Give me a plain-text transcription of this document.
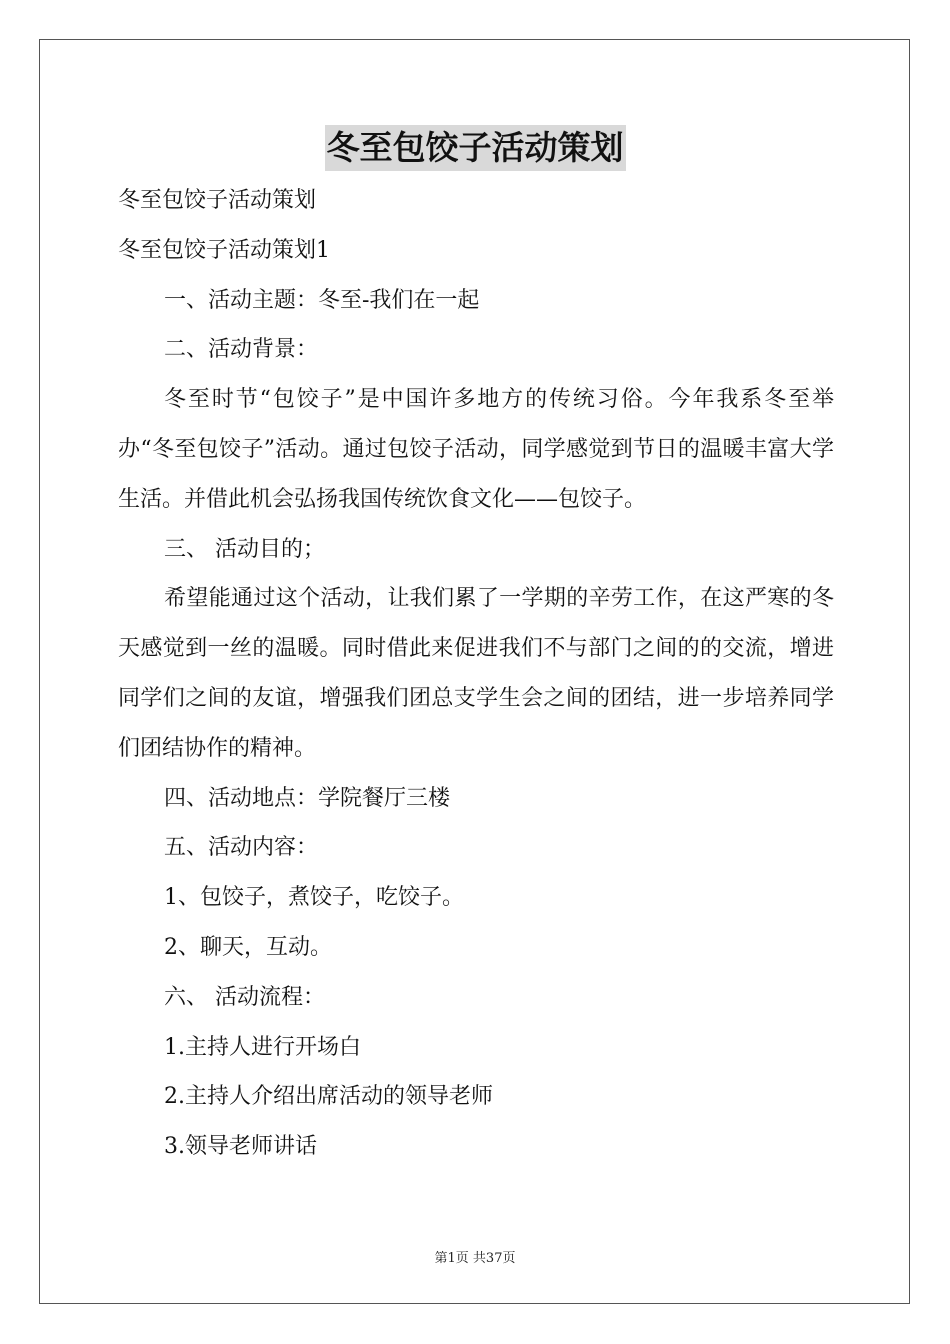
冬至包饺子活动策划

冬至包饺子活动策划

冬至包饺子活动策划1

一、活动主题：冬至-我们在一起

二、活动背景：

冬至时节“包饺子”是中国许多地方的传统习俗。今年我系冬至举办“冬至包饺子”活动。通过包饺子活动，同学感觉到节日的温暖丰富大学生活。并借此机会弘扬我国传统饮食文化——包饺子。

三、 活动目的；

希望能通过这个活动，让我们累了一学期的辛劳工作，在这严寒的冬天感觉到一丝的温暖。同时借此来促进我们不与部门之间的的交流，增进同学们之间的友谊，增强我们团总支学生会之间的团结，进一步培养同学们团结协作的精神。

四、活动地点：学院餐厅三楼

五、活动内容：

1、包饺子，煮饺子，吃饺子。

2、聊天，互动。

六、 活动流程：

1.主持人进行开场白

2.主持人介绍出席活动的领导老师

3.领导老师讲话

第1页 共37页
